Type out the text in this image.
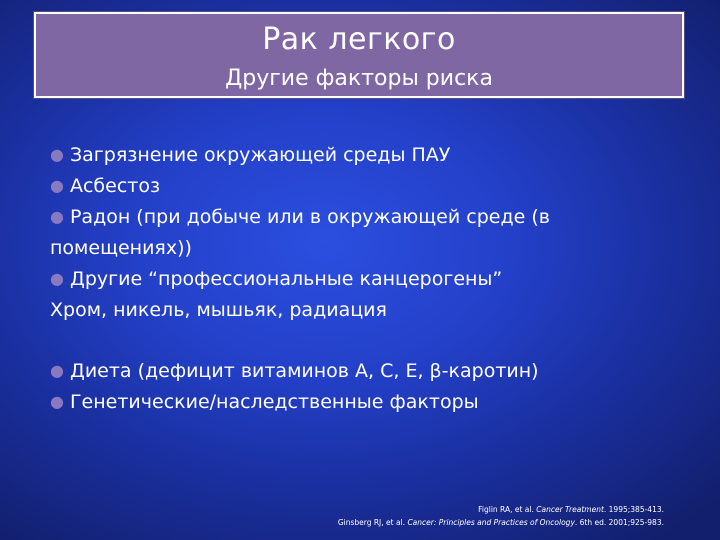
Рак легкого
Другие факторы риска
● Загрязнение окружающей среды ПАУ
● Асбестоз
● Радон (при добыче или в окружающей среде (в помещениях))
● Другие “профессиональные канцерогены”
Хром, никель, мышьяк, радиация
● Диета (дефицит витаминов A, C, E, β-каротин)
● Генетические/наследственные факторы
Figlin RA, et al. Cancer Treatment. 1995;385-413.
Ginsberg RJ, et al. Cancer: Principles and Practices of Oncology. 6th ed. 2001;925-983.
